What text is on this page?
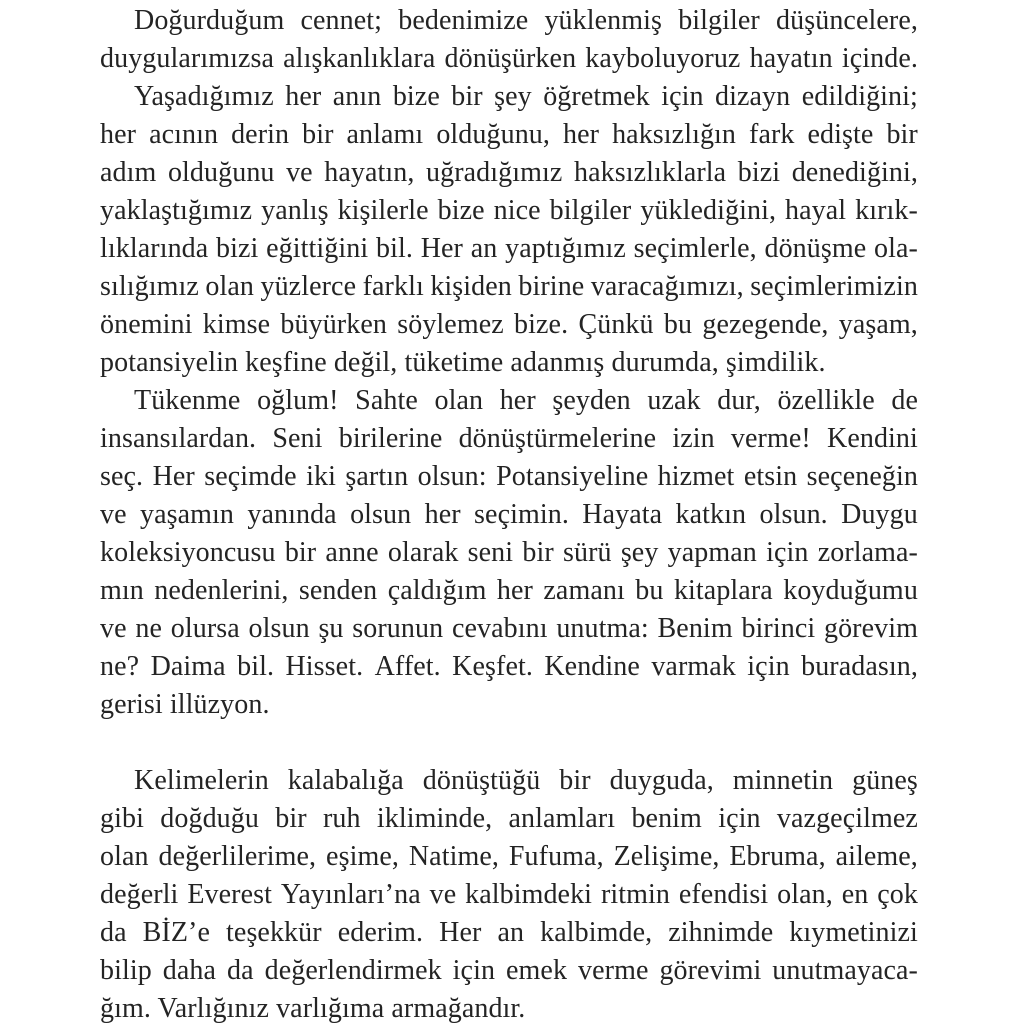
Doğurduğum cennet; bedenimize yüklenmiş bilgiler düşüncelere,
duygularımızsa alışkanlıklara dönüşürken kayboluyoruz hayatın içinde.
Yaşadığımız her anın bize bir şey öğretmek için dizayn edildiğini;
her acının derin bir anlamı olduğunu, her haksızlığın fark edişte bir
adım olduğunu ve hayatın, uğradığımız haksızlıklarla bizi denediğini,
yaklaştığımız yanlış kişilerle bize nice bilgiler yüklediğini, hayal kırık-
lıklarında bizi eğittiğini bil. Her an yaptığımız seçimlerle, dönüşme ola-
sılığımız olan yüzlerce farklı kişiden birine varacağımızı, seçimlerimizin
önemini kimse büyürken söylemez bize. Çünkü bu gezegende, yaşam,
potansiyelin keşfine değil, tüketime adanmış durumda, şimdilik.
Tükenme oğlum! Sahte olan her şeyden uzak dur, özellikle de
insansılardan. Seni birilerine dönüştürmelerine izin verme! Kendini
seç. Her seçimde iki şartın olsun: Potansiyeline hizmet etsin seçeneğin
ve yaşamın yanında olsun her seçimin. Hayata katkın olsun. Duygu
koleksiyoncusu bir anne olarak seni bir sürü şey yapman için zorlama-
mın nedenlerini, senden çaldığım her zamanı bu kitaplara koyduğumu
ve ne olursa olsun şu sorunun cevabını unutma: Benim birinci görevim
ne? Daima bil. Hisset. Affet. Keşfet. Kendine varmak için buradasın,
gerisi illüzyon.
Kelimelerin kalabalığa dönüştüğü bir duyguda, minnetin güneş
gibi doğduğu bir ruh ikliminde, anlamları benim için vazgeçilmez
olan değerlilerime, eşime, Natime, Fufuma, Zelişime, Ebruma, aileme,
değerli Everest Yayınları’na ve kalbimdeki ritmin efendisi olan, en çok
da BİZ’e teşekkür ederim. Her an kalbimde, zihnimde kıymetinizi
bilip daha da değerlendirmek için emek verme görevimi unutmayaca-
ğım. Varlığınız varlığıma armağandır.
